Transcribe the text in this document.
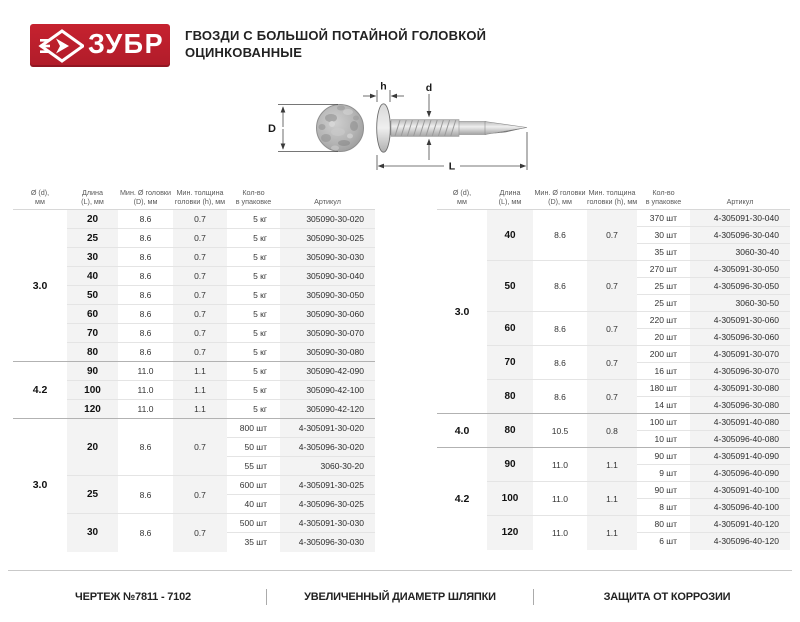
ЗУБР ГВОЗДИ С БОЛЬШОЙ ПОТАЙНОЙ ГОЛОВКОЙ
ОЦИНКОВАННЫЕ
D
h	d
L
Ø (d),
мм

Длина
(L), мм

Мин. Ø головки
(D), мм

Мин. толщина
головки (h), мм

Кол-во
в упаковке	Артикул

3.0	20	8.6	0.7	5 кг	305090-30-020
	25	8.6	0.7	5 кг	305090-30-025
	30	8.6	0.7	5 кг	305090-30-030
	40	8.6	0.7	5 кг	305090-30-040
	50	8.6	0.7	5 кг	305090-30-050
	60	8.6	0.7	5 кг	305090-30-060
	70	8.6	0.7	5 кг	305090-30-070
	80	8.6	0.7	5 кг	305090-30-080
4.2	90	11.0	1.1	5 кг	305090-42-090
	100	11.0	1.1	5 кг	305090-42-100
	120	11.0	1.1	5 кг	305090-42-120
3.0	20	8.6	0.7	800 шт	4-305091-30-020
				50 шт	4-305096-30-020
				55 шт	3060-30-20
	25	8.6	0.7	600 шт	4-305091-30-025
				40 шт	4-305096-30-025
	30	8.6	0.7	500 шт	4-305091-30-030
				35 шт	4-305096-30-030
Ø (d),
мм

Длина
(L), мм

Мин. Ø головки
(D), мм

Мин. толщина
головки (h), мм

Кол-во
в упаковке	Артикул

3.0	40	8.6	0.7	370 шт	4-305091-30-040
				30 шт	4-305096-30-040
				35 шт	3060-30-40
	50	8.6	0.7	270 шт	4-305091-30-050
				25 шт	4-305096-30-050
				25 шт	3060-30-50
	60	8.6	0.7	220 шт	4-305091-30-060
				20 шт	4-305096-30-060
	70	8.6	0.7	200 шт	4-305091-30-070
				16 шт	4-305096-30-070
	80	8.6	0.7	180 шт	4-305091-30-080
				14 шт	4-305096-30-080
4.0	80	10.5	0.8	100 шт	4-305091-40-080
				10 шт	4-305096-40-080
4.2	90	11.0	1.1	90 шт	4-305091-40-090
				9 шт	4-305096-40-090
	100	11.0	1.1	90 шт	4-305091-40-100
				8 шт	4-305096-40-100
	120	11.0	1.1	80 шт	4-305091-40-120
				6 шт	4-305096-40-120
ЧЕРТЕЖ №7811 - 7102	УВЕЛИЧЕННЫЙ ДИАМЕТР ШЛЯПКИ	ЗАЩИТА ОТ КОРРОЗИИ
